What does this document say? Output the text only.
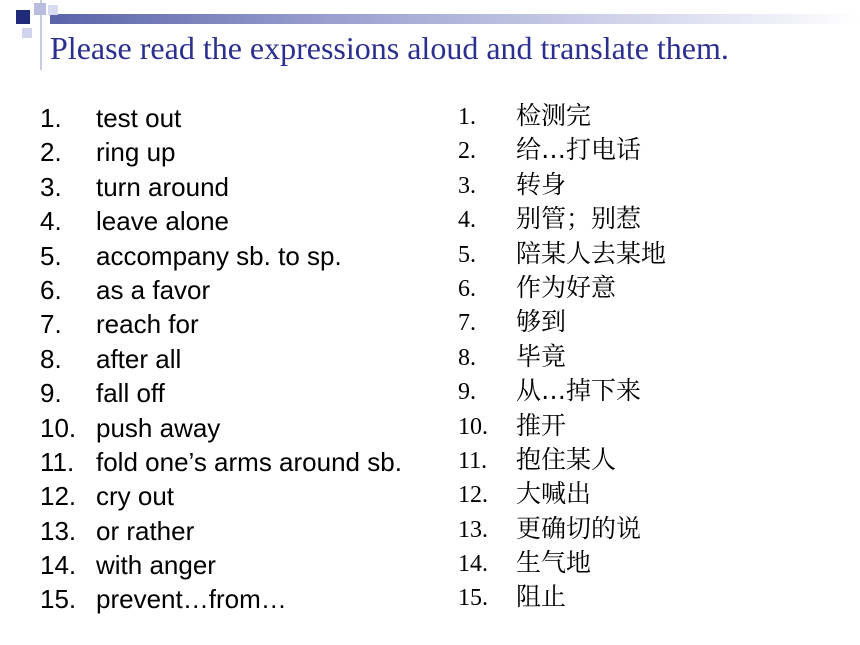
Please read the expressions aloud and translate them.
1. test out
2. ring up
3. turn around
4. leave alone
5. accompany sb. to sp.
6. as a favor
7. reach for
8. after all
9. fall off
10. push away
11. fold one’s arms around sb.
12. cry out
13. or rather
14. with anger
15. prevent…from…
1. 检测完
2. 给…打电话
3. 转身
4. 别管；别惹
5. 陪某人去某地
6. 作为好意
7. 够到
8. 毕竟
9. 从…掉下来
10. 推开
11. 抱住某人
12. 大喊出
13. 更确切的说
14. 生气地
15. 阻止
